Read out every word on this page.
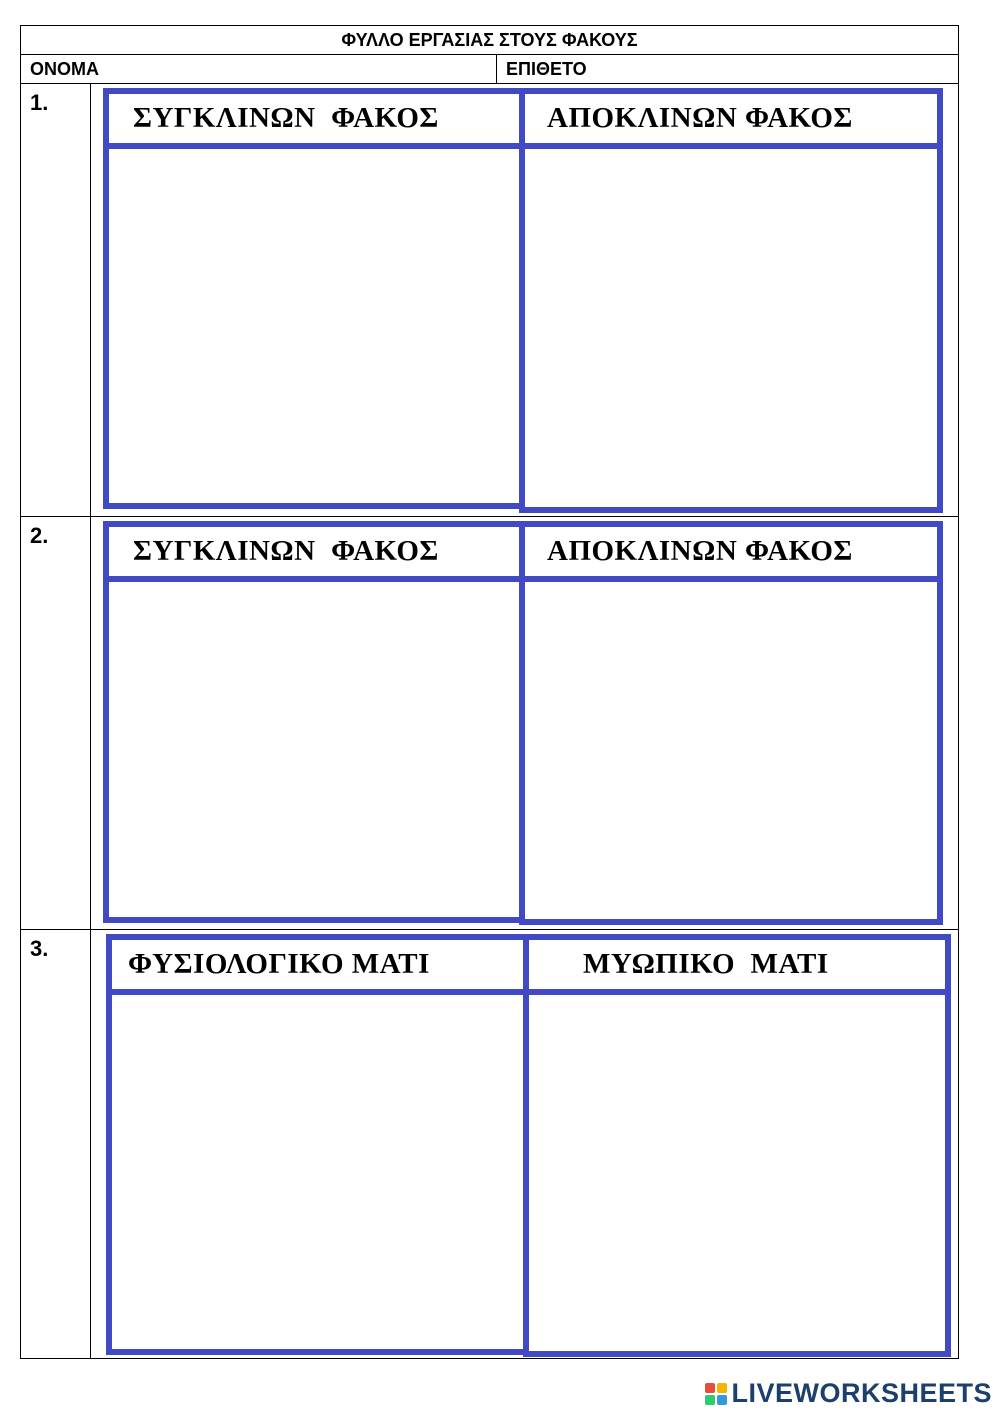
ΦΥΛΛΟ ΕΡΓΑΣΙΑΣ ΣΤΟΥΣ ΦΑΚΟΥΣ
ΟΝΟΜΑ	ΕΠΙΘΕΤΟ
1.	ΣΥΓΚΛΙΝΩΝ  ΦΑΚΟΣ	ΑΠΟΚΛΙΝΩΝ ΦΑΚΟΣ
2.	ΣΥΓΚΛΙΝΩΝ  ΦΑΚΟΣ	ΑΠΟΚΛΙΝΩΝ ΦΑΚΟΣ
3.	ΦΥΣΙΟΛΟΓΙΚΟ ΜΑΤΙ	ΜΥΩΠΙΚΟ  ΜΑΤΙ
LIVEWORKSHEETS
